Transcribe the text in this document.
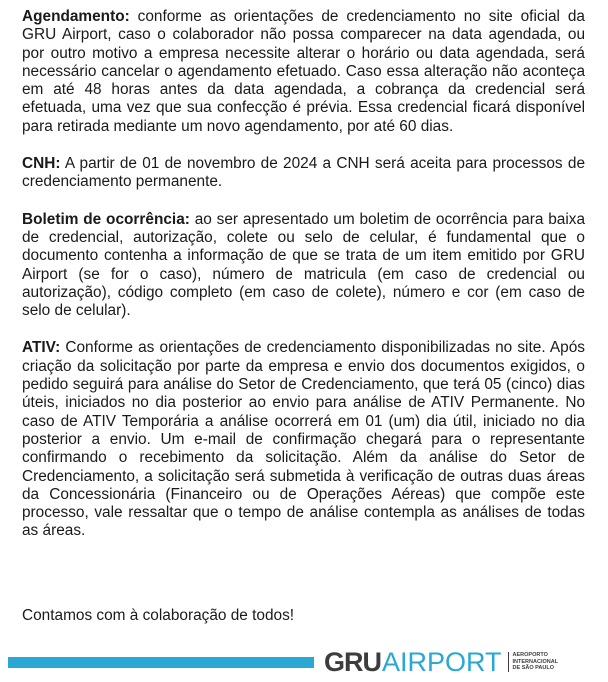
Agendamento: conforme as orientações de credenciamento no site oficial da GRU Airport, caso o colaborador não possa comparecer na data agendada, ou por outro motivo a empresa necessite alterar o horário ou data agendada, será necessário cancelar o agendamento efetuado. Caso essa alteração não aconteça em até 48 horas antes da data agendada, a cobrança da credencial será efetuada, uma vez que sua confecção é prévia. Essa credencial ficará disponível para retirada mediante um novo agendamento, por até 60 dias.

CNH: A partir de 01 de novembro de 2024 a CNH será aceita para processos de credenciamento permanente.

Boletim de ocorrência: ao ser apresentado um boletim de ocorrência para baixa de credencial, autorização, colete ou selo de celular, é fundamental que o documento contenha a informação de que se trata de um item emitido por GRU Airport (se for o caso), número de matricula (em caso de credencial ou autorização), código completo (em caso de colete), número e cor (em caso de selo de celular).

ATIV: Conforme as orientações de credenciamento disponibilizadas no site. Após criação da solicitação por parte da empresa e envio dos documentos exigidos, o pedido seguirá para análise do Setor de Credenciamento, que terá 05 (cinco) dias úteis, iniciados no dia posterior ao envio para análise de ATIV Permanente. No caso de ATIV Temporária a análise ocorrerá em 01 (um) dia útil, iniciado no dia posterior a envio. Um e-mail de confirmação chegará para o representante confirmando o recebimento da solicitação. Além da análise do Setor de Credenciamento, a solicitação será submetida à verificação de outras duas áreas da Concessionária (Financeiro ou de Operações Aéreas) que compõe este processo, vale ressaltar que o tempo de análise contempla as análises de todas as áreas.

Contamos com à colaboração de todos!

GRU AIRPORT AEROPORTO
INTERNACIONAL
DE SÃO PAULO
